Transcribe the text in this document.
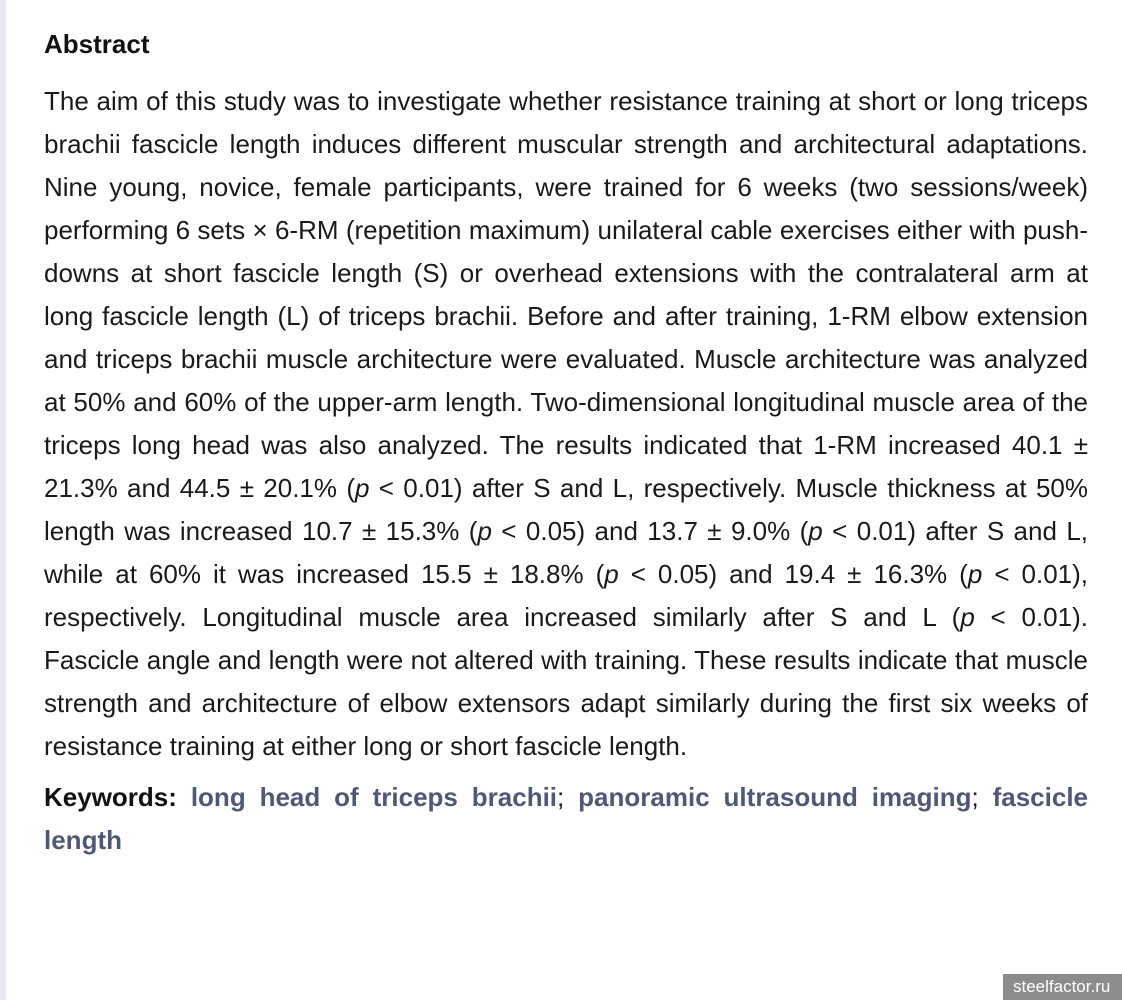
Abstract

The aim of this study was to investigate whether resistance training at short or long triceps brachii fascicle length induces different muscular strength and architectural adaptations. Nine young, novice, female participants, were trained for 6 weeks (two sessions/week) performing 6 sets × 6-RM (repetition maximum) unilateral cable exercises either with push-downs at short fascicle length (S) or overhead extensions with the contralateral arm at long fascicle length (L) of triceps brachii. Before and after training, 1-RM elbow extension and triceps brachii muscle architecture were evaluated. Muscle architecture was analyzed at 50% and 60% of the upper-arm length. Two-dimensional longitudinal muscle area of the triceps long head was also analyzed. The results indicated that 1-RM increased 40.1 ± 21.3% and 44.5 ± 20.1% (p < 0.01) after S and L, respectively. Muscle thickness at 50% length was increased 10.7 ± 15.3% (p < 0.05) and 13.7 ± 9.0% (p < 0.01) after S and L, while at 60% it was increased 15.5 ± 18.8% (p < 0.05) and 19.4 ± 16.3% (p < 0.01), respectively. Longitudinal muscle area increased similarly after S and L (p < 0.01). Fascicle angle and length were not altered with training. These results indicate that muscle strength and architecture of elbow extensors adapt similarly during the first six weeks of resistance training at either long or short fascicle length.

Keywords: long head of triceps brachii; panoramic ultrasound imaging; fascicle length

steelfactor.ru
